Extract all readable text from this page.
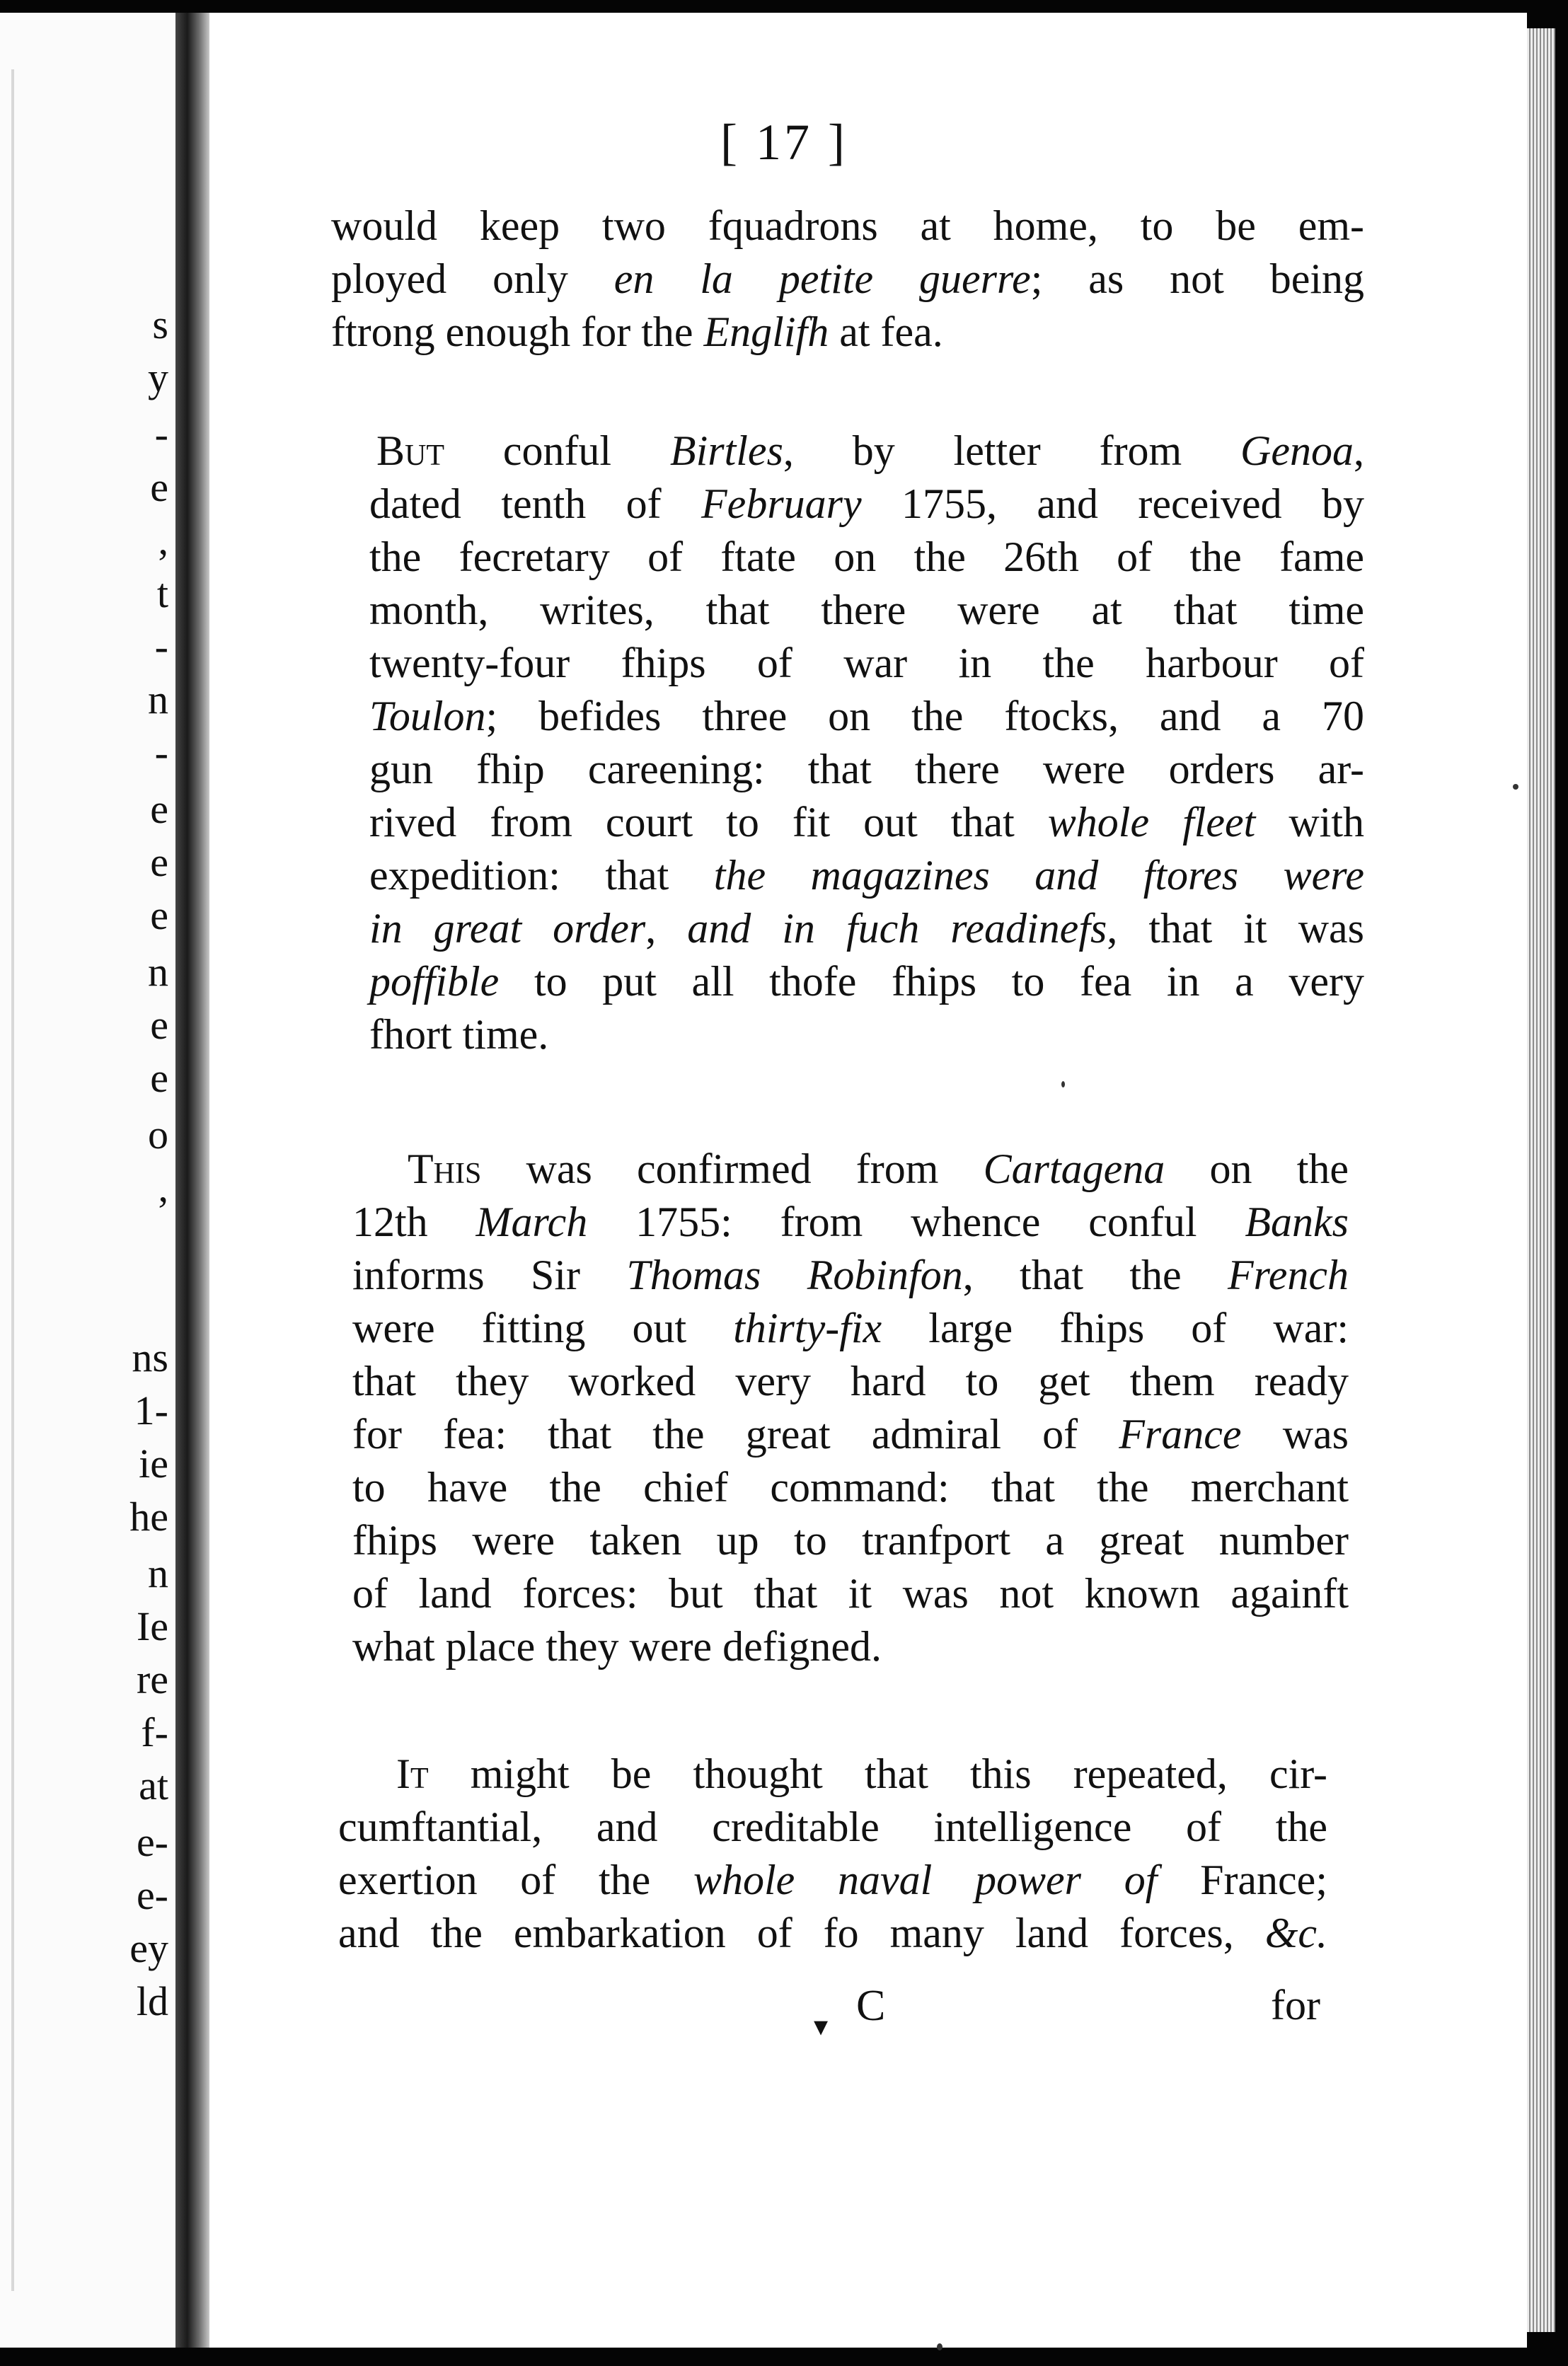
s
y
-
e
,
t
-
n
-
e
e
e
n
e
e
o
,
ns
1-
ie
he
n
Ie
re
f-
at
e-
e-
ey
ld
[ 17 ]
would keep two fquadrons at home, to be em-
ployed only en la petite guerre; as not being
ftrong enough for the Englifh at fea.
But conful Birtles, by letter from Genoa,
dated tenth of February 1755, and received by
the fecretary of ftate on the 26th of the fame
month, writes, that there were at that time
twenty-four fhips of war in the harbour of
Toulon; befides three on the ftocks, and a 70
gun fhip careening: that there were orders ar-
rived from court to fit out that whole fleet with
expedition: that the magazines and ftores were
in great order, and in fuch readinefs, that it was
poffible to put all thofe fhips to fea in a very
fhort time.
This was confirmed from Cartagena on the
12th March 1755: from whence conful Banks
informs Sir Thomas Robinfon, that the French
were fitting out thirty-fix large fhips of war:
that they worked very hard to get them ready
for fea: that the great admiral of France was
to have the chief command: that the merchant
fhips were taken up to tranfport a great number
of land forces: but that it was not known againft
what place they were defigned.
It might be thought that this repeated, cir-
cumftantial, and creditable intelligence of the
exertion of the whole naval power of France;
and the embarkation of fo many land forces, &c.
▾ C	for
